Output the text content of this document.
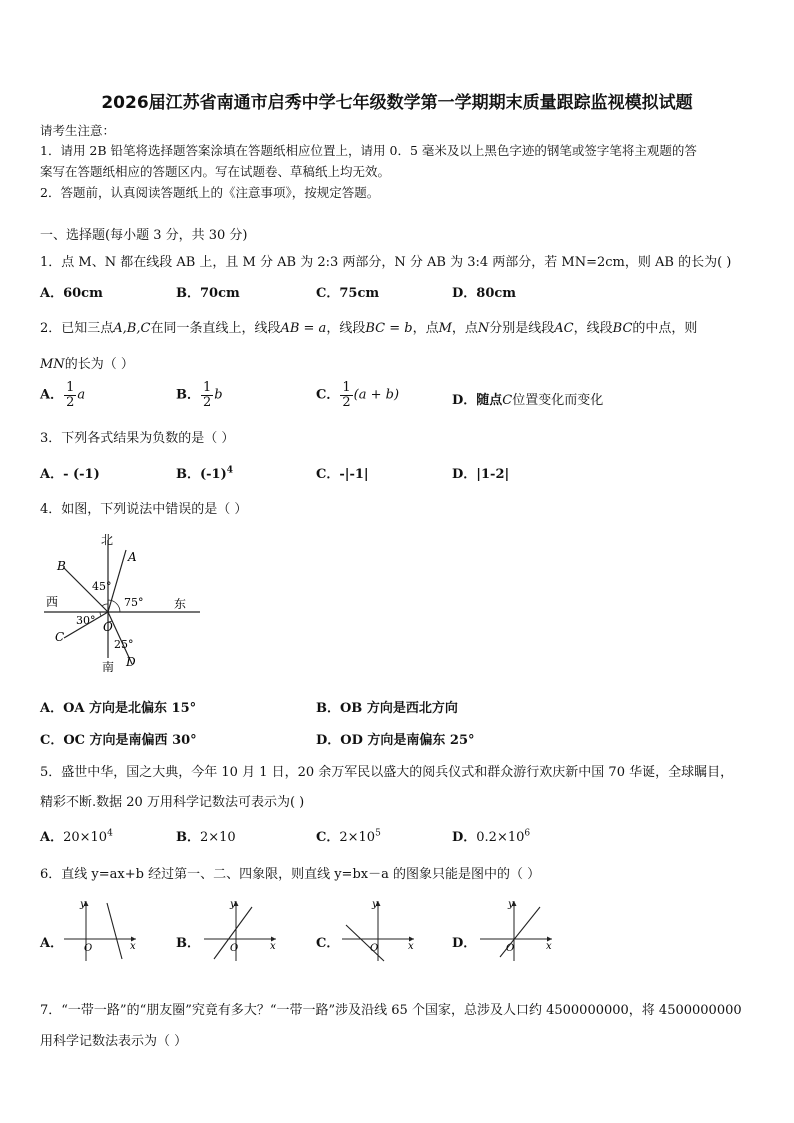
2026届江苏省南通市启秀中学七年级数学第一学期期末质量跟踪监视模拟试题
请考生注意：
1．请用 2B 铅笔将选择题答案涂填在答题纸相应位置上，请用 0．5 毫米及以上黑色字迹的钢笔或签字笔将主观题的答
案写在答题纸相应的答题区内。写在试题卷、草稿纸上均无效。
2．答题前，认真阅读答题纸上的《注意事项》，按规定答题。
一、选择题(每小题 3 分，共 30 分)
1．点 M、N 都在线段 AB 上，且 M 分 AB 为 2:3 两部分，N 分 AB 为 3:4 两部分，若 MN=2cm，则 AB 的长为( )
A．60cm	B．70cm	C．75cm	D．80cm
2．已知三点A,B,C在同一条直线上，线段AB = a，线段BC = b，点M，点N分别是线段AC，线段BC的中点，则
MN的长为（ ）
A． $\frac{1}{2}$ a	B． $\frac{1}{2}$ b	C． $\frac{1}{2} (a + b)$	D．随点C位置变化而变化
3．下列各式结果为负数的是（ ）
A．- (-1)	B．$(-1)^4$	C．-|-1|	D．|1-2|
4．如图，下列说法中错误的是（ ）
北
南
西	东
A
B
C
D
O
45°
75°
30°
25°
A．OA 方向是北偏东 15°	B．OB 方向是西北方向
C．OC 方向是南偏西 30°	D．OD 方向是南偏东 25°
5．盛世中华，国之大典，今年 10 月 1 日，20 余万军民以盛大的阅兵仪式和群众游行欢庆新中国 70 华诞，全球瞩目，
精彩不断.数据 20 万用科学记数法可表示为( )
A．$20\times 10^4$	B．2×10	C．$2\times 10^5$	D．$0.2\times 10^6$
6．直线 y=ax+b 经过第一、二、四象限，则直线 y=bx－a 的图象只能是图中的（ ）
A．
y
x
O	B．
y
x
O	C．
y
x
O	D．
y
x
O
7．“一带一路”的“朋友圈”究竟有多大？“一带一路”涉及沿线 65 个国家，总涉及人口约 4500000000，将 4500000000
用科学记数法表示为（ ）
